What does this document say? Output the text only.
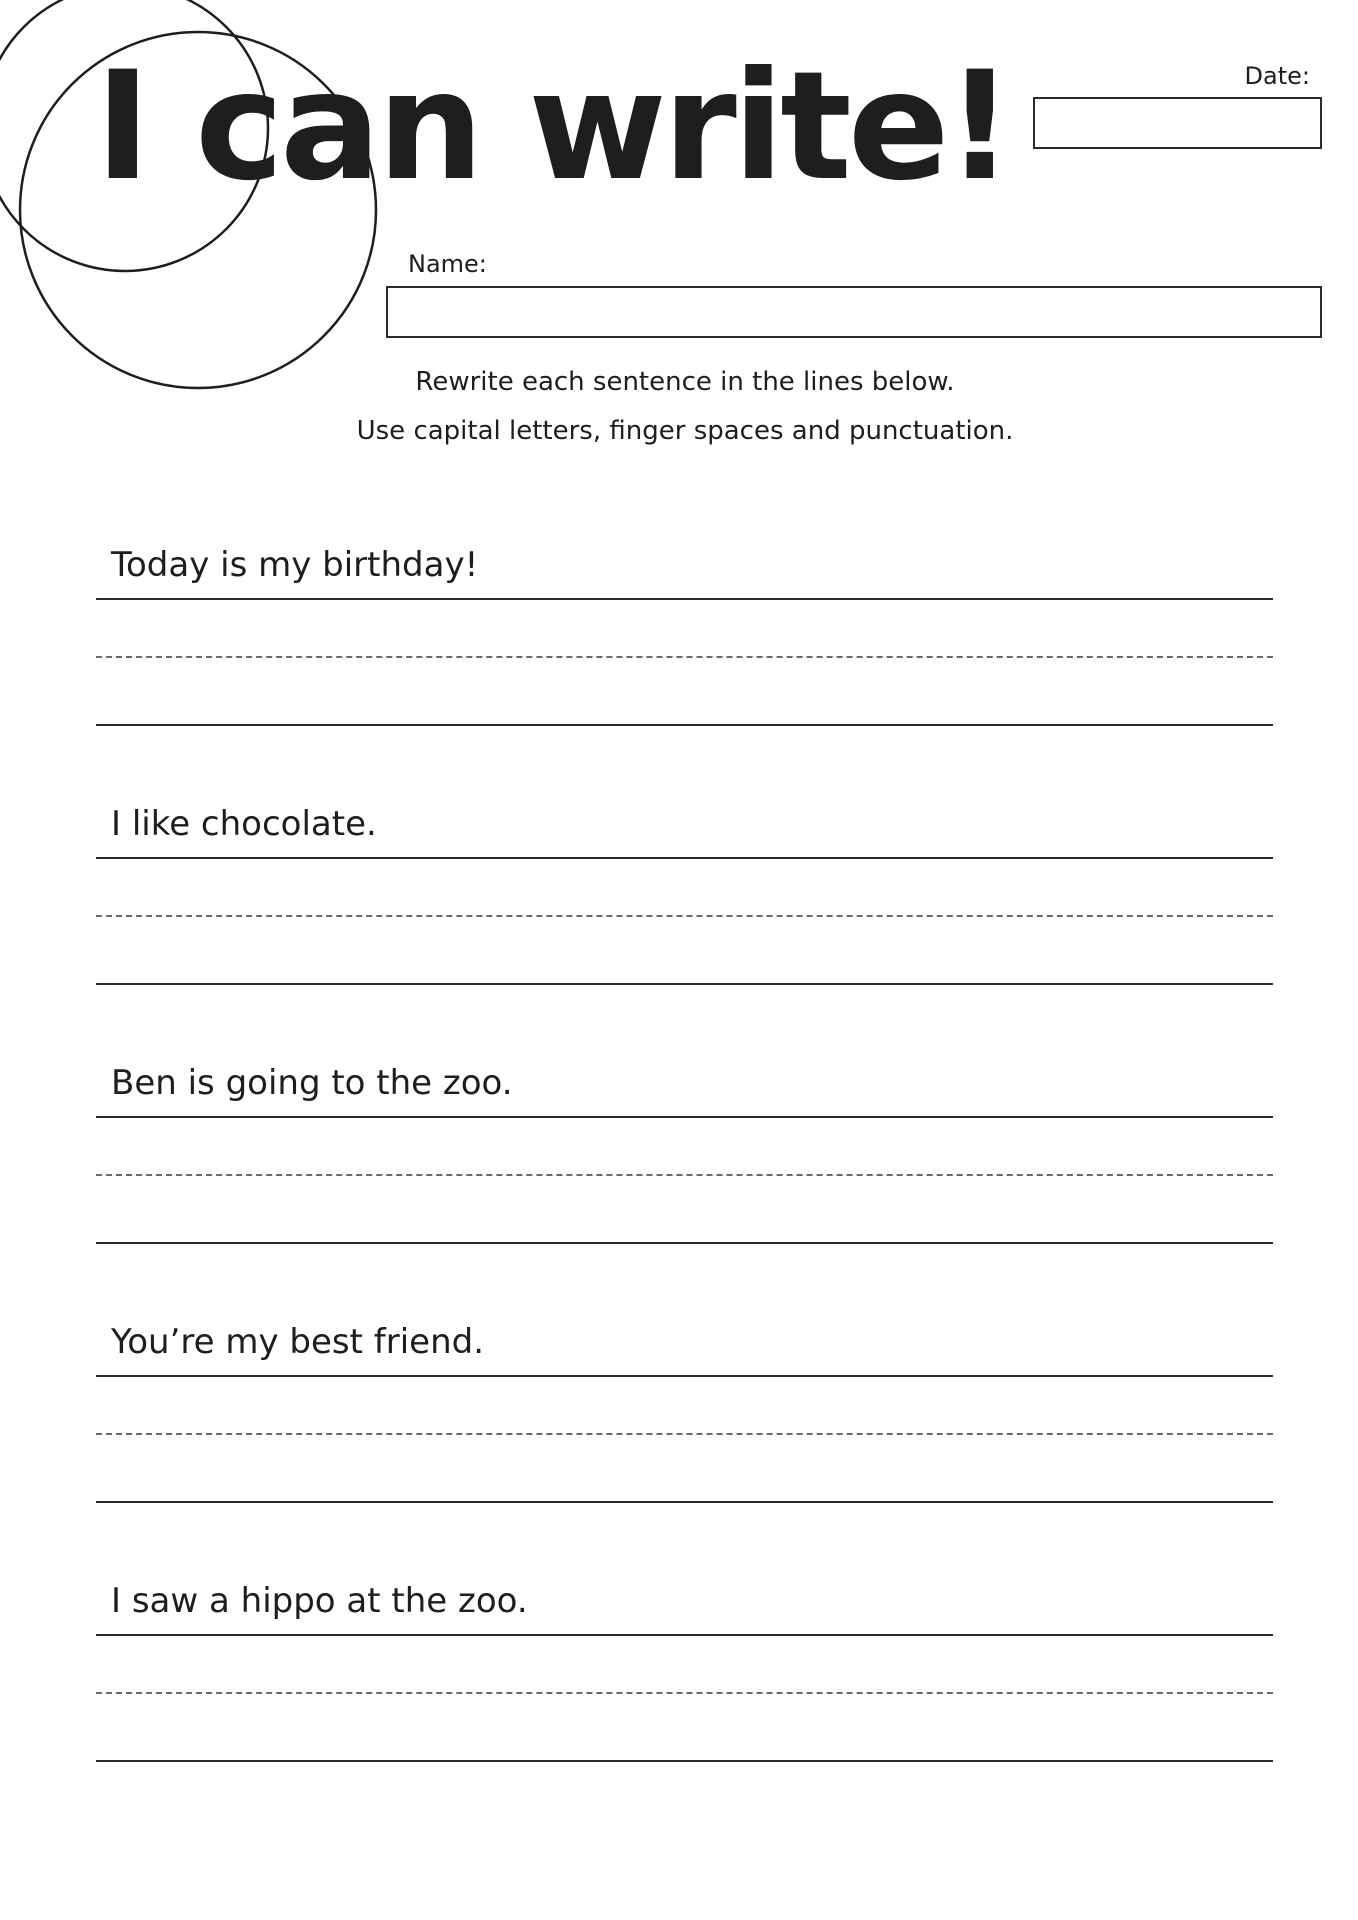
I can write!	Date:
Name:
Rewrite each sentence in the lines below.
Use capital letters, finger spaces and punctuation.
Today is my birthday!
I like chocolate.
Ben is going to the zoo.
You’re my best friend.
I saw a hippo at the zoo.
